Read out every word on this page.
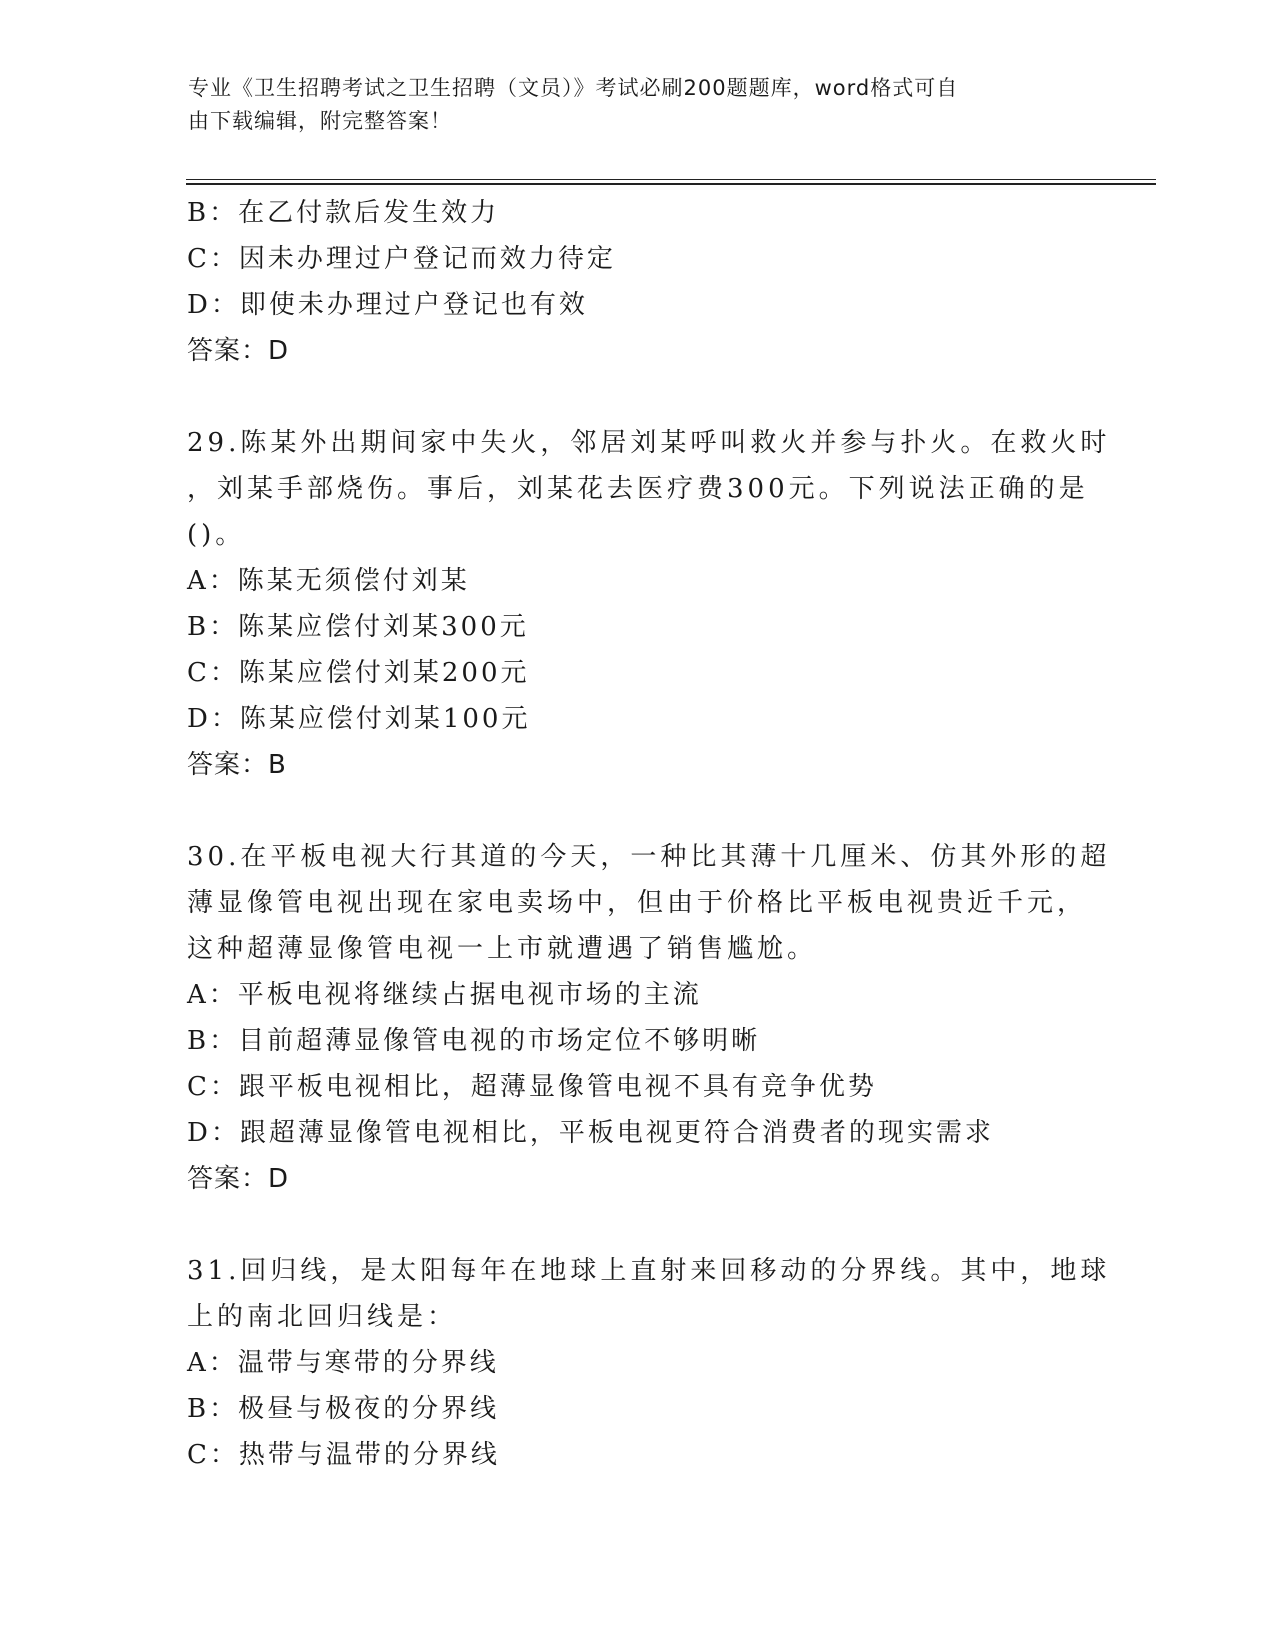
专业《卫生招聘考试之卫生招聘（文员）》考试必刷200题题库，word格式可自
由下载编辑，附完整答案！
B：在乙付款后发生效力
C：因未办理过户登记而效力待定
D：即使未办理过户登记也有效
答案：D
29.陈某外出期间家中失火，邻居刘某呼叫救火并参与扑火。在救火时
，刘某手部烧伤。事后，刘某花去医疗费300元。下列说法正确的是
()。
A：陈某无须偿付刘某
B：陈某应偿付刘某300元
C：陈某应偿付刘某200元
D：陈某应偿付刘某100元
答案：B
30.在平板电视大行其道的今天，一种比其薄十几厘米、仿其外形的超
薄显像管电视出现在家电卖场中，但由于价格比平板电视贵近千元，
这种超薄显像管电视一上市就遭遇了销售尴尬。
A：平板电视将继续占据电视市场的主流
B：目前超薄显像管电视的市场定位不够明晰
C：跟平板电视相比，超薄显像管电视不具有竞争优势
D：跟超薄显像管电视相比，平板电视更符合消费者的现实需求
答案：D
31.回归线，是太阳每年在地球上直射来回移动的分界线。其中，地球
上的南北回归线是：
A：温带与寒带的分界线
B：极昼与极夜的分界线
C：热带与温带的分界线
